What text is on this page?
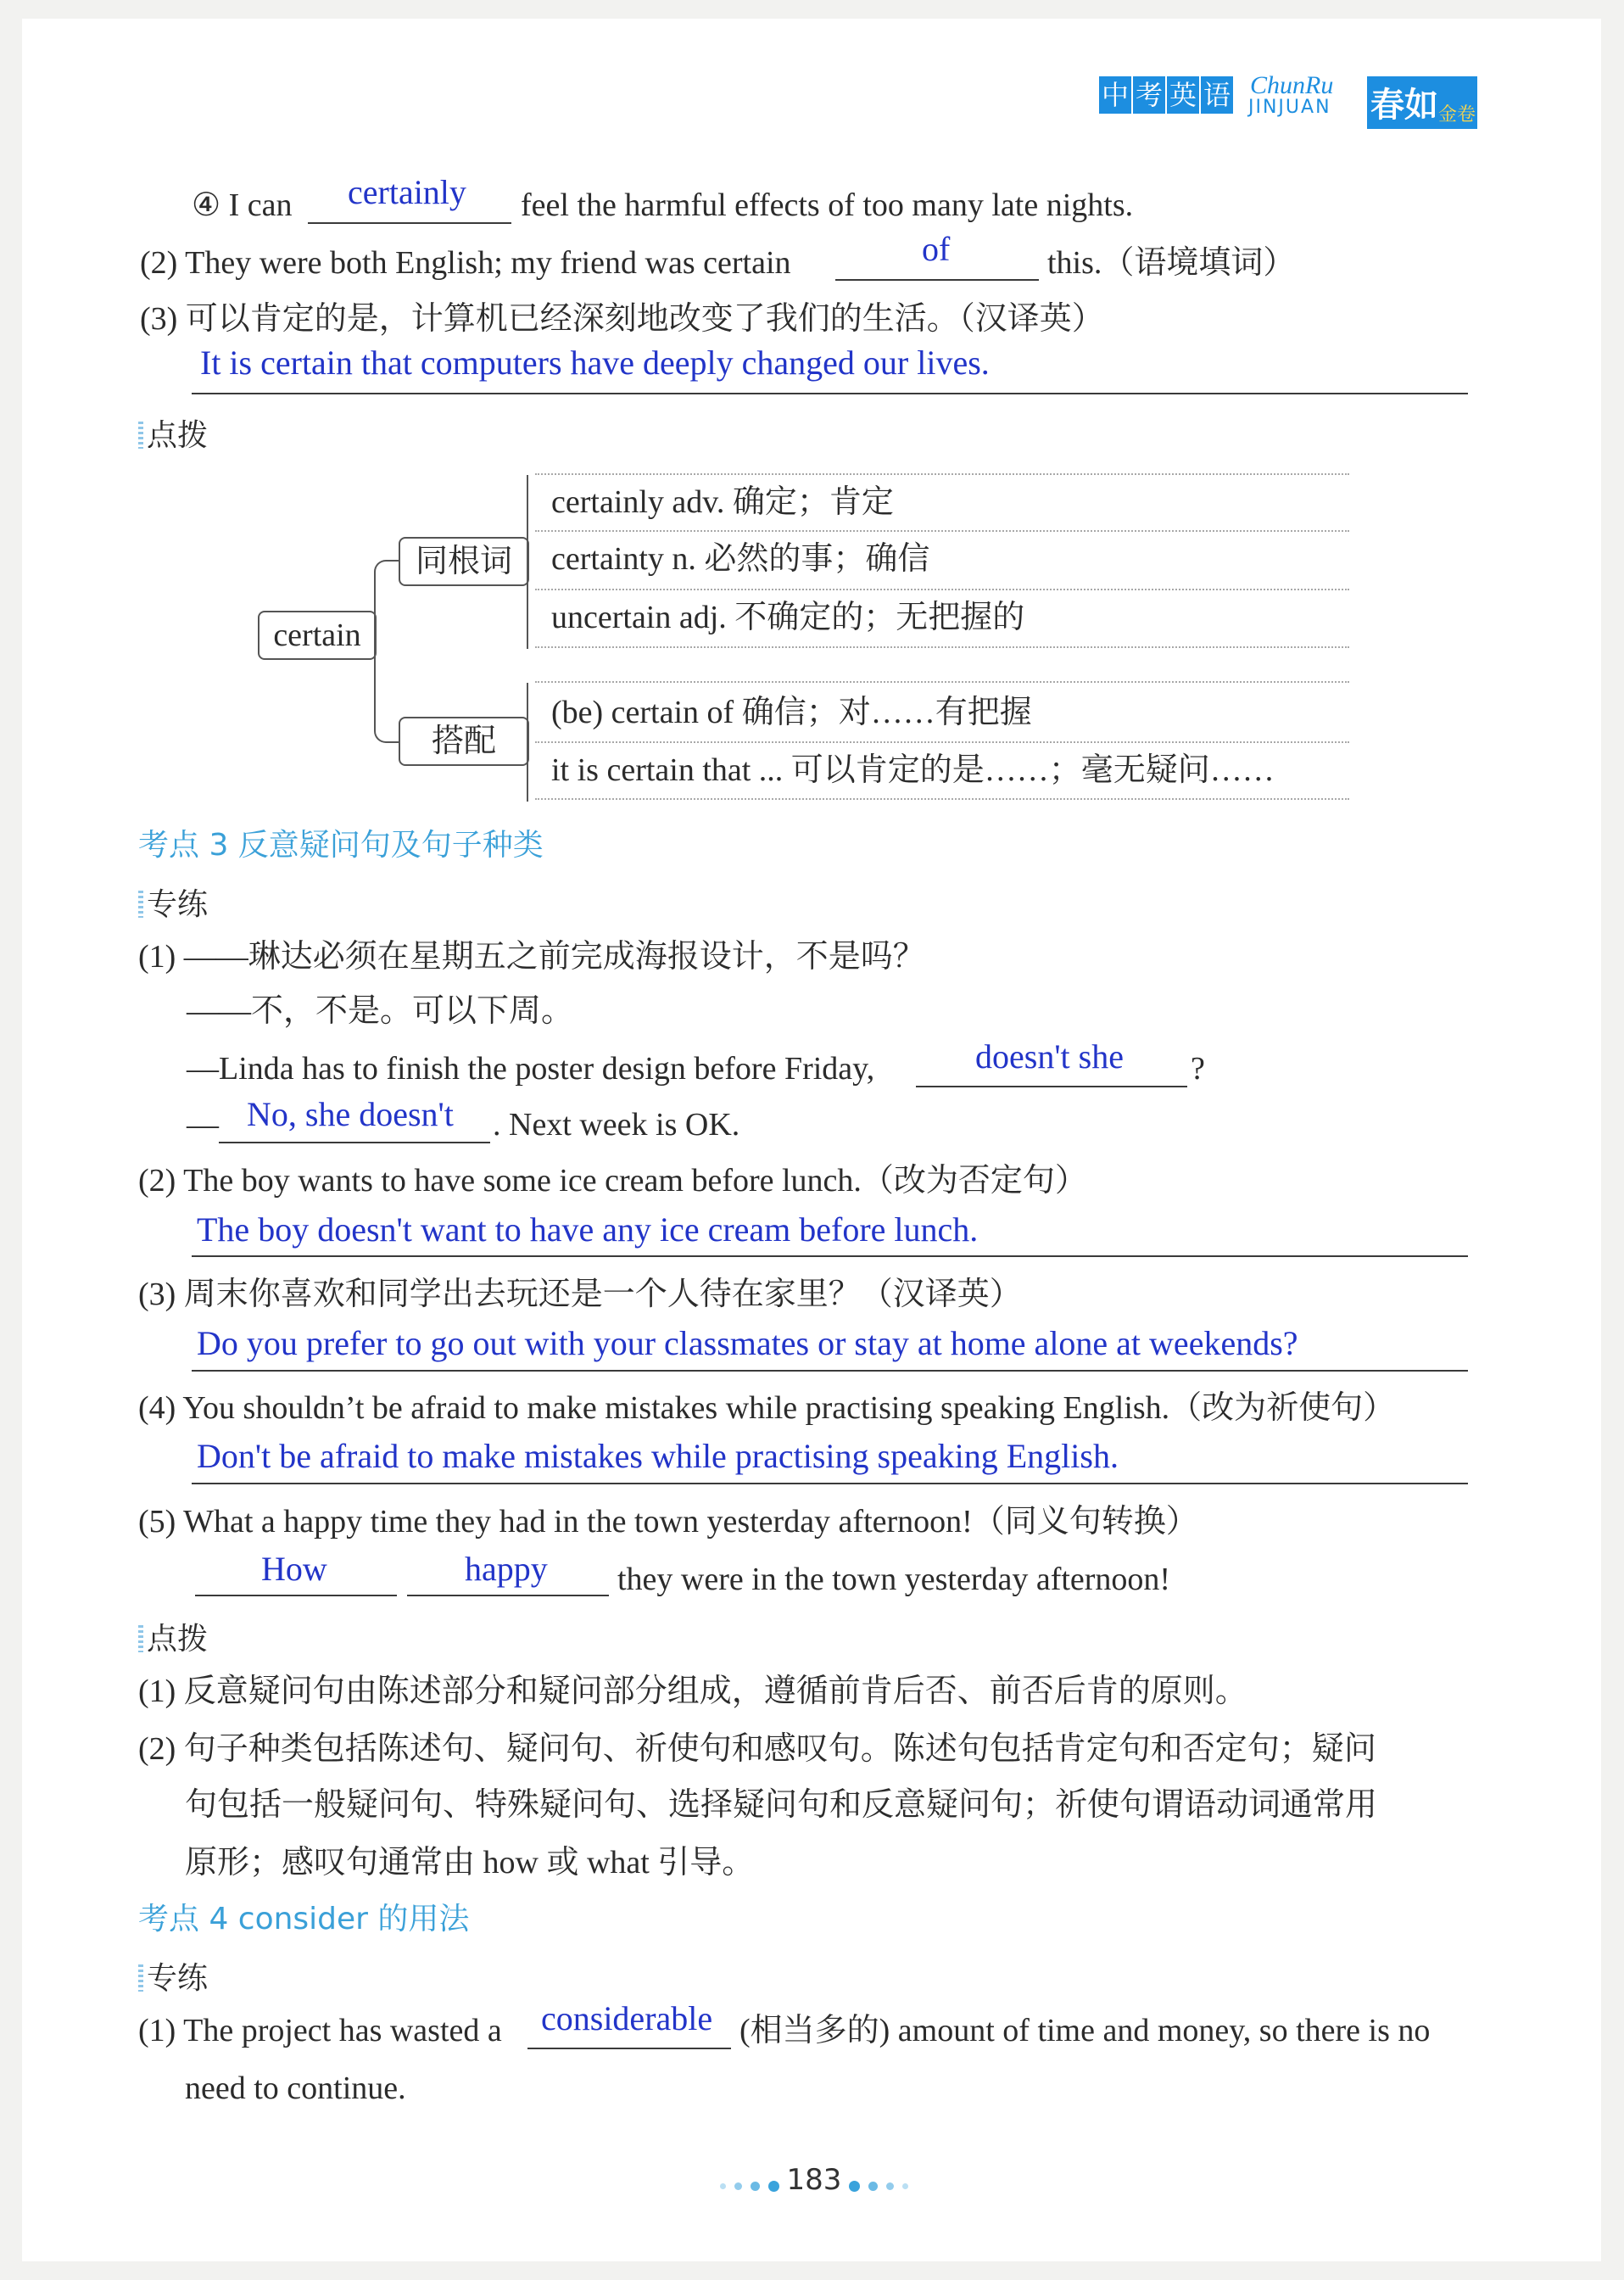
中 考 英 语 ChunRu
JINJUAN 春如 金卷
④ I can certainly feel the harmful effects of too many late nights.
(2) They were both English; my friend was certain	of	this.（语境填词）
(3) 可以肯定的是，计算机已经深刻地改变了我们的生活。（汉译英）
It is certain that computers have deeply changed our lives.
点拨
certain
同根词
certainly adv. 确定；肯定
certainty n. 必然的事；确信
uncertain adj. 不确定的；无把握的
搭配
(be) certain of 确信；对……有把握
it is certain that ... 可以肯定的是……；毫无疑问……
考点 3 反意疑问句及句子种类
专练
(1) ——琳达必须在星期五之前完成海报设计，不是吗？
——不，不是。可以下周。
—Linda has to finish the poster design before Friday,	doesn't she ?
— No, she doesn't . Next week is OK.
(2) The boy wants to have some ice cream before lunch.（改为否定句）
The boy doesn't want to have any ice cream before lunch.
(3) 周末你喜欢和同学出去玩还是一个人待在家里？（汉译英）
Do you prefer to go out with your classmates or stay at home alone at weekends?
(4) You shouldn’t be afraid to make mistakes while practising speaking English.（改为祈使句）
Don't be afraid to make mistakes while practising speaking English.
(5) What a happy time they had in the town yesterday afternoon!（同义句转换）
How	happy they were in the town yesterday afternoon!
点拨
(1) 反意疑问句由陈述部分和疑问部分组成，遵循前肯后否、前否后肯的原则。
(2) 句子种类包括陈述句、疑问句、祈使句和感叹句。陈述句包括肯定句和否定句；疑问
句包括一般疑问句、特殊疑问句、选择疑问句和反意疑问句；祈使句谓语动词通常用
原形；感叹句通常由 how 或 what 引导。
考点 4 consider 的用法
专练
(1) The project has wasted a considerable (相当多的) amount of time and money, so there is no
need to continue.
183
